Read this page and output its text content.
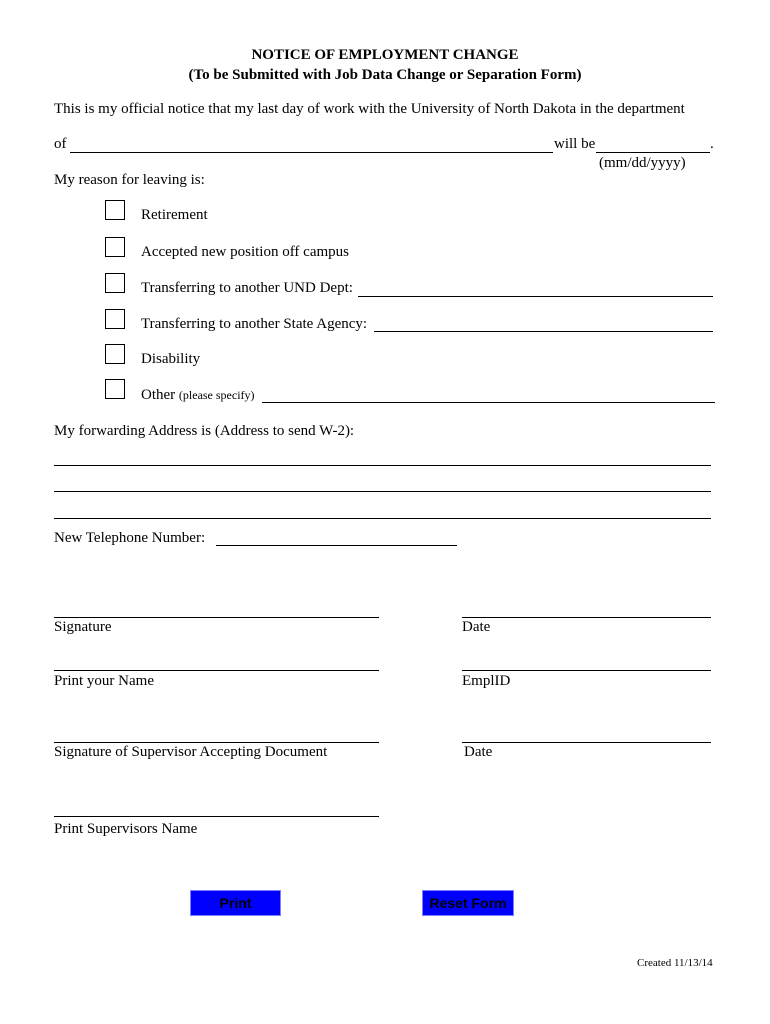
NOTICE OF EMPLOYMENT CHANGE
(To be Submitted with Job Data Change or Separation Form)
This is my official notice that my last day of work with the University of North Dakota in the department
of	will be	.
(mm/dd/yyyy)
My reason for leaving is:
Retirement
Accepted new position off campus
Transferring to another UND Dept:
Transferring to another State Agency:
Disability
Other (please specify)
My forwarding Address is (Address to send W-2):
New Telephone Number:
Signature	Date
Print your Name	EmplID
Signature of Supervisor Accepting Document	Date
Print Supervisors Name
Print	Reset Form
Created 11/13/14
